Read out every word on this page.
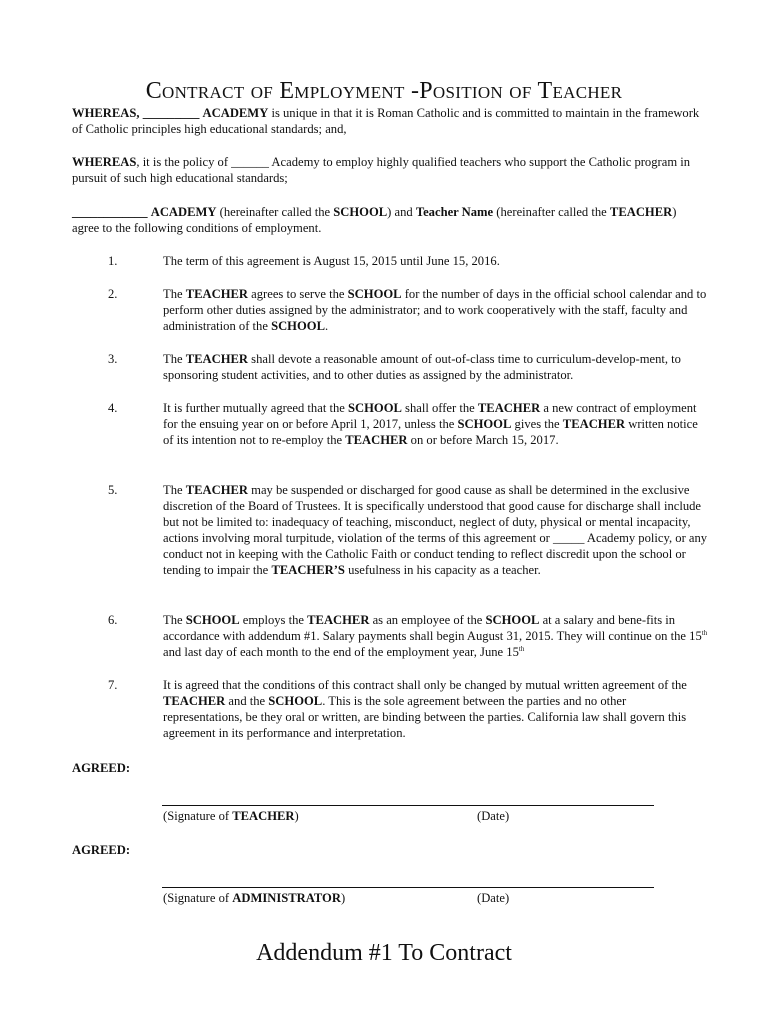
Contract of Employment -Position of Teacher
WHEREAS, _________ ACADEMY is unique in that it is Roman Catholic and is committed to maintain in the framework of Catholic principles high educational standards; and,
WHEREAS, it is the policy of ______ Academy to employ highly qualified teachers who support the Catholic program in pursuit of such high educational standards;
____________ ACADEMY (hereinafter called the SCHOOL) and Teacher Name (hereinafter called the TEACHER) agree to the following conditions of employment.
1.	The term of this agreement is August 15, 2015 until June 15, 2016.
2.	The TEACHER agrees to serve the SCHOOL for the number of days in the official school calendar and to perform other duties assigned by the administrator; and to work cooperatively with the staff, faculty and administration of the SCHOOL.
3.	The TEACHER shall devote a reasonable amount of out-of-class time to curriculum-develop-ment, to sponsoring student activities, and to other duties as assigned by the administrator.
4.	It is further mutually agreed that the SCHOOL shall offer the TEACHER a new contract of employment for the ensuing year on or before April 1, 2017, unless the SCHOOL gives the TEACHER written notice of its intention not to re-employ the TEACHER on or before March 15, 2017.
5.	The TEACHER may be suspended or discharged for good cause as shall be determined in the exclusive discretion of the Board of Trustees. It is specifically understood that good cause for discharge shall include but not be limited to: inadequacy of teaching, misconduct, neglect of duty, physical or mental incapacity, actions involving moral turpitude, violation of the terms of this agreement or _____ Academy policy, or any conduct not in keeping with the Catholic Faith or conduct tending to reflect discredit upon the school or tending to impair the TEACHER’S usefulness in his capacity as a teacher.
6.	The SCHOOL employs the TEACHER as an employee of the SCHOOL at a salary and bene-fits in accordance with addendum #1. Salary payments shall begin August 31, 2015. They will continue on the 15th and last day of each month to the end of the employment year, June 15th
7.	It is agreed that the conditions of this contract shall only be changed by mutual written agreement of the TEACHER and the SCHOOL. This is the sole agreement between the parties and no other representations, be they oral or written, are binding between the parties. California law shall govern this agreement in its performance and interpretation.
AGREED:
(Signature of TEACHER)	(Date)
AGREED:
(Signature of ADMINISTRATOR)	(Date)
Addendum #1 To Contract
